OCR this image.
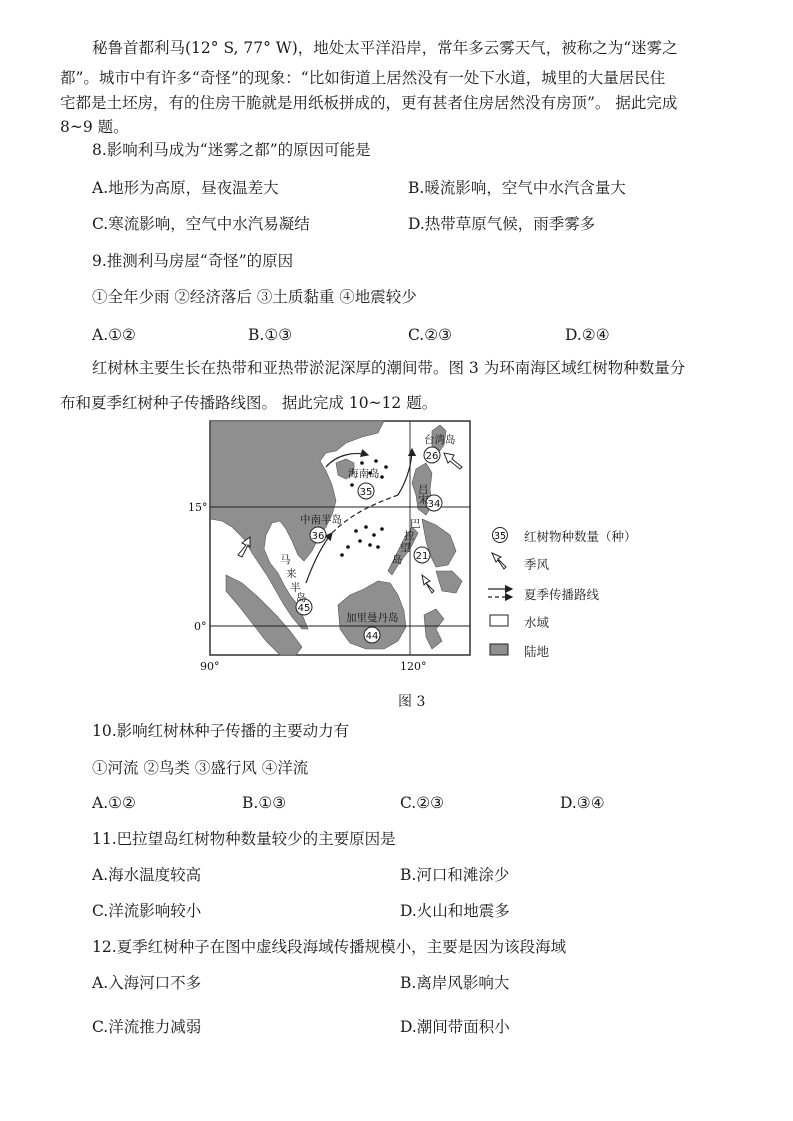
秘鲁首都利马(12° S, 77° W)，地处太平洋沿岸，常年多云雾天气，被称之为“迷雾之
都”。城市中有许多“奇怪”的现象：“比如街道上居然没有一处下水道，城里的大量居民住
宅都是土坯房，有的住房干脆就是用纸板拼成的，更有甚者住房居然没有房顶”。 据此完成
8~9 题。
8.影响利马成为“迷雾之都”的原因可能是
A.地形为高原，昼夜温差大	B.暖流影响，空气中水汽含量大
C.寒流影响，空气中水汽易凝结	D.热带草原气候，雨季雾多
9.推测利马房屋“奇怪”的原因
①全年少雨 ②经济落后 ③土质黏重 ④地震较少
A.①②	B.①③	C.②③	D.②④
红树林主要生长在热带和亚热带淤泥深厚的潮间带。图 3 为环南海区域红树物种数量分
布和夏季红树种子传播路线图。 据此完成 10~12 题。
26
35
34
36
21
45
44
台湾岛
海南岛
中南半岛
加里曼丹岛
马
来
半
岛
吕
宋
巴
拉
望
岛
15°
0°
90°	120°
35 红树物种数量（种）
季风
夏季传播路线
水域
陆地
图 3
10.影响红树林种子传播的主要动力有
①河流 ②鸟类 ③盛行风 ④洋流
A.①②	B.①③	C.②③	D.③④
11.巴拉望岛红树物种数量较少的主要原因是
A.海水温度较高	B.河口和滩涂少
C.洋流影响较小	D.火山和地震多
12.夏季红树种子在图中虚线段海域传播规模小，主要是因为该段海域
A.入海河口不多	B.离岸风影响大
C.洋流推力减弱	D.潮间带面积小
